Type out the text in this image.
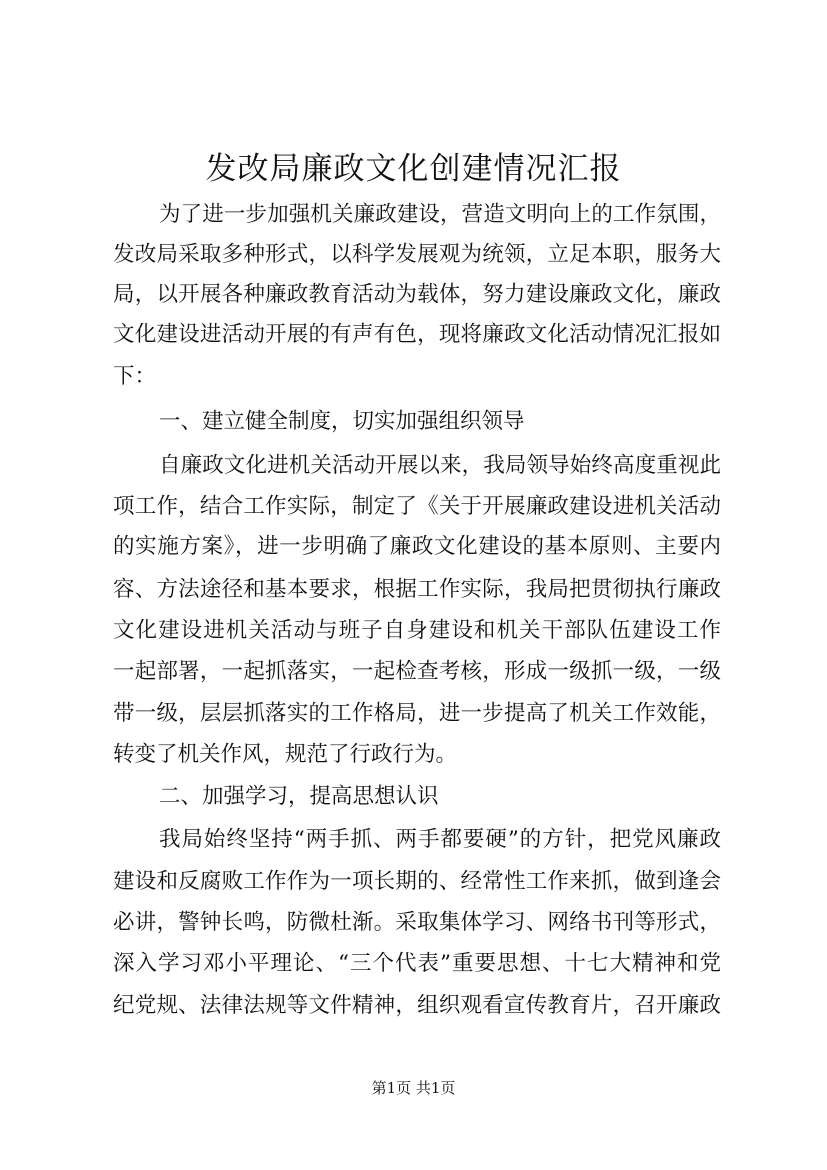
发改局廉政文化创建情况汇报
为了进一步加强机关廉政建设，营造文明向上的工作氛围，
发改局采取多种形式，以科学发展观为统领，立足本职，服务大
局，以开展各种廉政教育活动为载体，努力建设廉政文化，廉政
文化建设进活动开展的有声有色，现将廉政文化活动情况汇报如
下：
一、建立健全制度，切实加强组织领导
自廉政文化进机关活动开展以来，我局领导始终高度重视此
项工作，结合工作实际，制定了《关于开展廉政建设进机关活动
的实施方案》，进一步明确了廉政文化建设的基本原则、主要内
容、方法途径和基本要求，根据工作实际，我局把贯彻执行廉政
文化建设进机关活动与班子自身建设和机关干部队伍建设工作
一起部署，一起抓落实，一起检查考核，形成一级抓一级，一级
带一级，层层抓落实的工作格局，进一步提高了机关工作效能，
转变了机关作风，规范了行政行为。
二、加强学习，提高思想认识
我局始终坚持“两手抓、两手都要硬”的方针，把党风廉政
建设和反腐败工作作为一项长期的、经常性工作来抓，做到逢会
必讲，警钟长鸣，防微杜渐。采取集体学习、网络书刊等形式，
深入学习邓小平理论、“三个代表”重要思想、十七大精神和党
纪党规、法律法规等文件精神，组织观看宣传教育片，召开廉政
第1页 共1页
